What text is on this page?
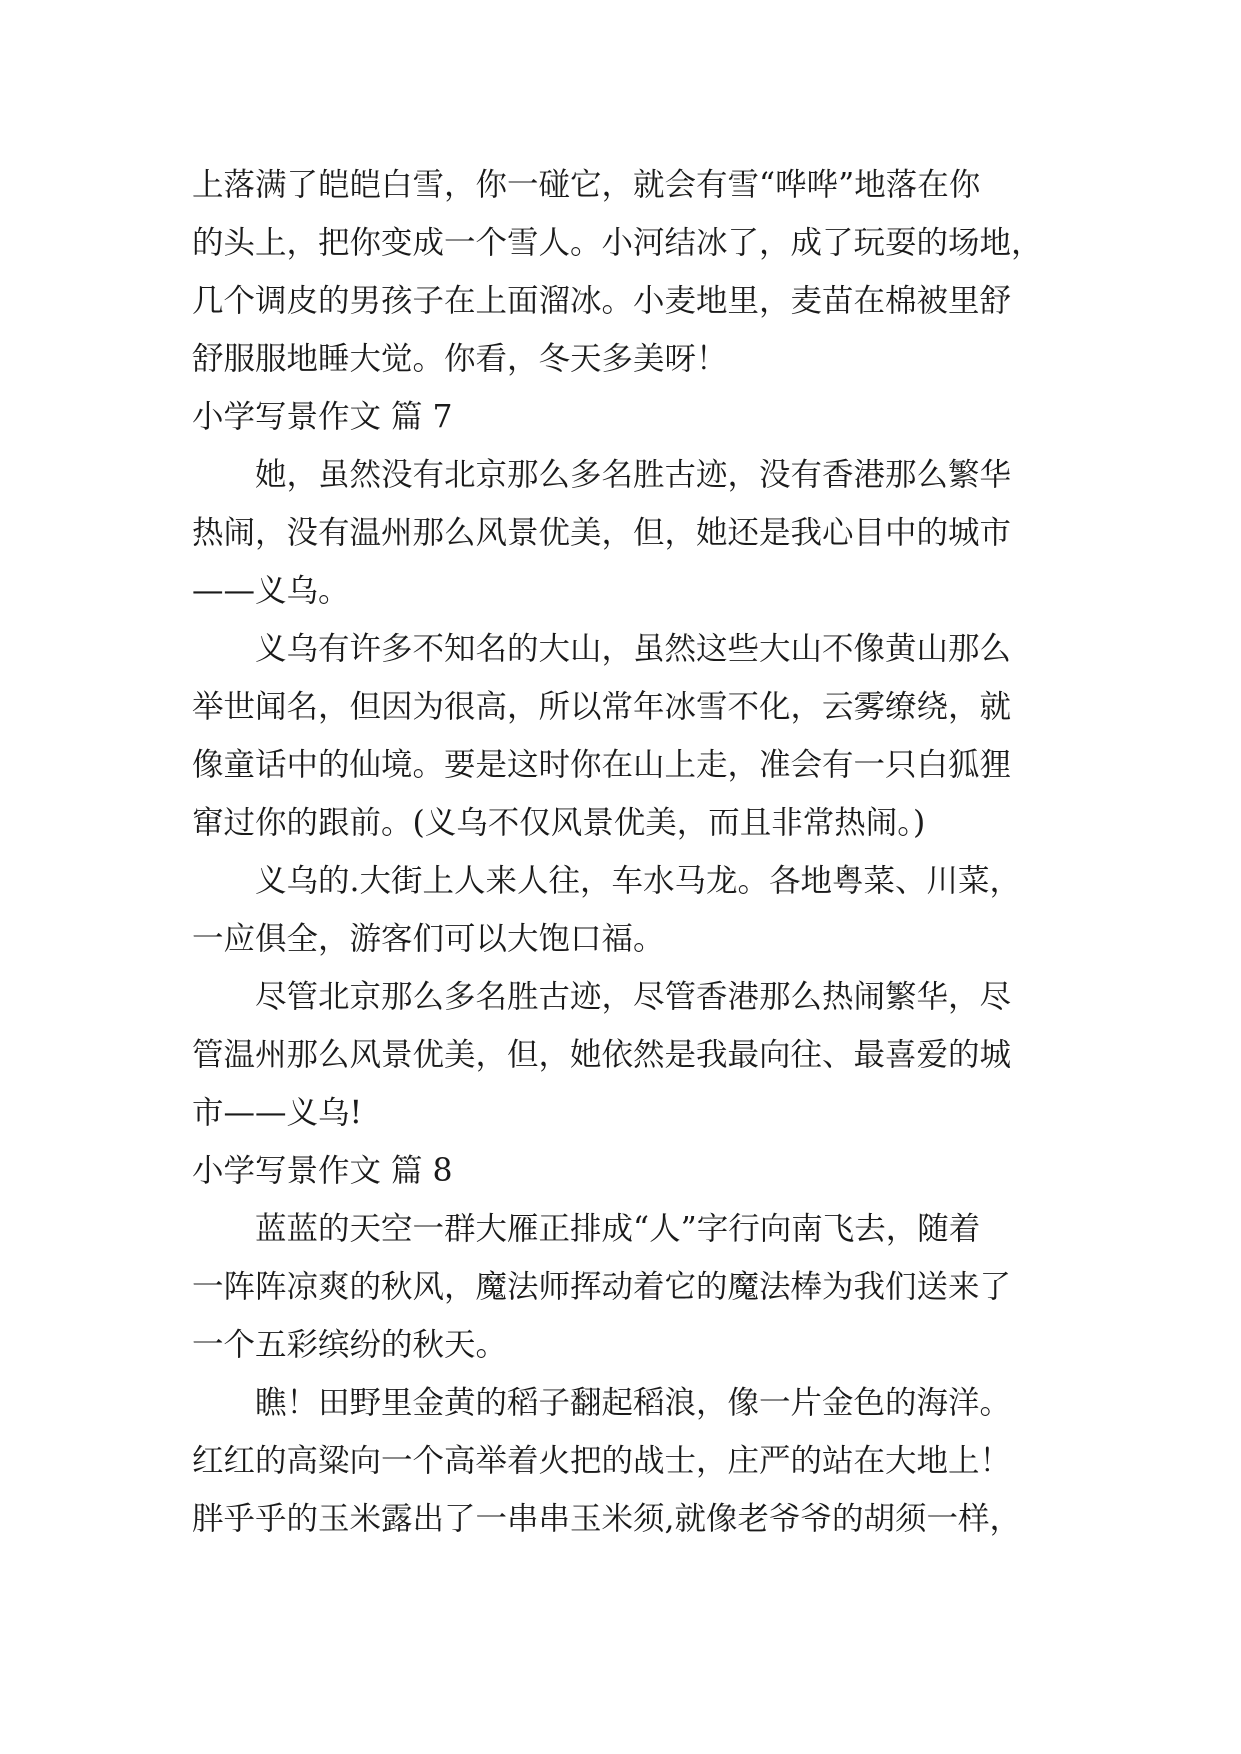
上落满了皑皑白雪，你一碰它，就会有雪“哗哗”地落在你
的头上，把你变成一个雪人。小河结冰了，成了玩耍的场地，
几个调皮的男孩子在上面溜冰。小麦地里，麦苗在棉被里舒
舒服服地睡大觉。你看，冬天多美呀！
小学写景作文 篇 7
她，虽然没有北京那么多名胜古迹，没有香港那么繁华
热闹，没有温州那么风景优美，但，她还是我心目中的城市
——义乌。
义乌有许多不知名的大山，虽然这些大山不像黄山那么
举世闻名，但因为很高，所以常年冰雪不化，云雾缭绕，就
像童话中的仙境。要是这时你在山上走，准会有一只白狐狸
窜过你的跟前。(义乌不仅风景优美，而且非常热闹。)
义乌的.大街上人来人往，车水马龙。各地粤菜、川菜，
一应俱全，游客们可以大饱口福。
尽管北京那么多名胜古迹，尽管香港那么热闹繁华，尽
管温州那么风景优美，但，她依然是我最向往、最喜爱的城
市——义乌!
小学写景作文 篇 8
蓝蓝的天空一群大雁正排成“人”字行向南飞去，随着
一阵阵凉爽的秋风，魔法师挥动着它的魔法棒为我们送来了
一个五彩缤纷的秋天。
瞧！田野里金黄的稻子翻起稻浪，像一片金色的海洋。
红红的高粱向一个高举着火把的战士，庄严的站在大地上！
胖乎乎的玉米露出了一串串玉米须,就像老爷爷的胡须一样，
